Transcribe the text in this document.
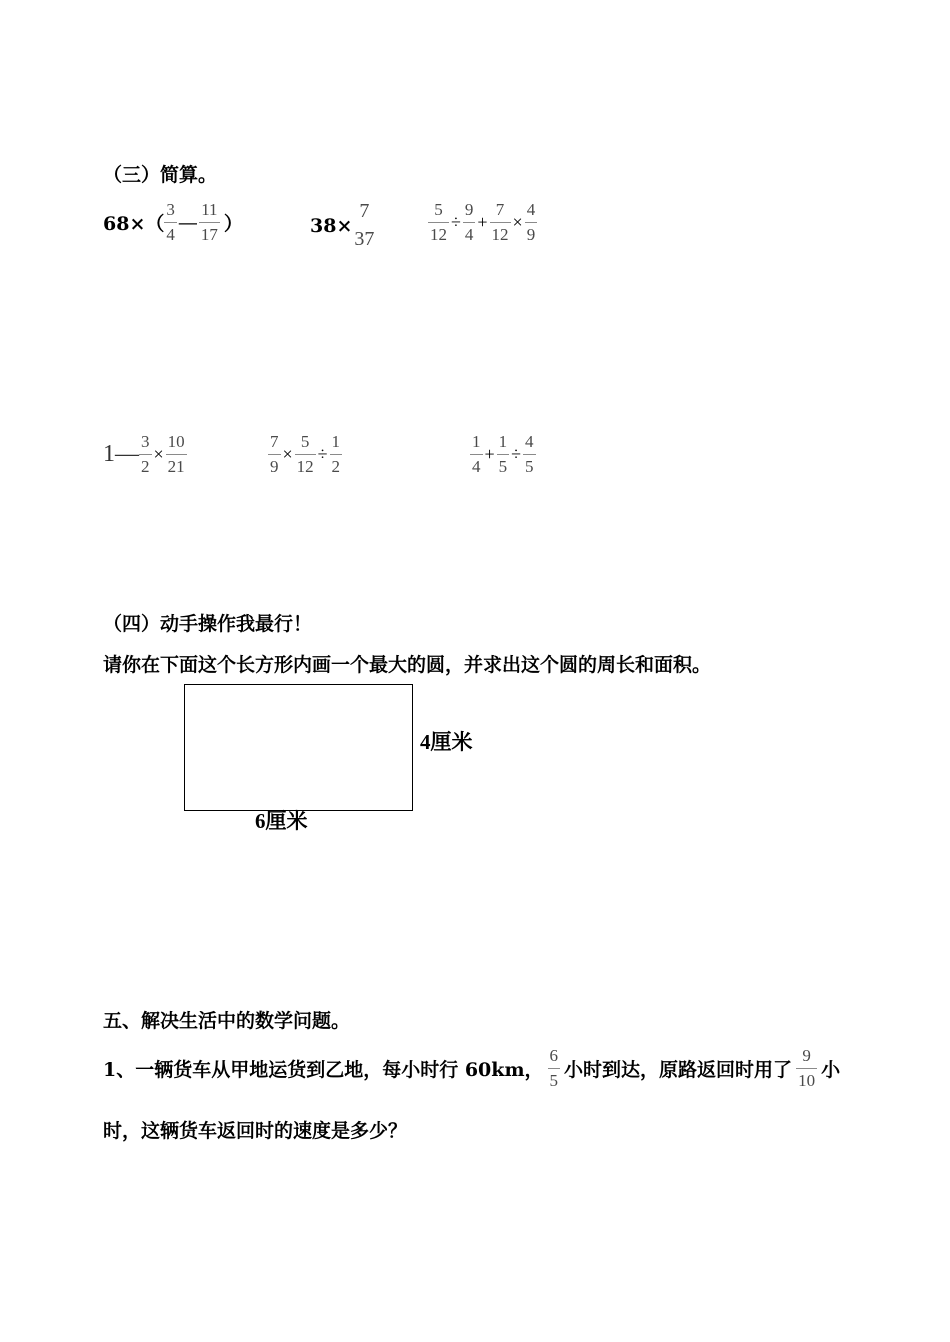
（三）简算。
$68\times( \frac{3}{4}$ — $\frac{11}{17}$ ）	38×
7
37	$\frac{5}{12} \div \frac{9}{4} + \frac{7}{12} \times \frac{4}{9}$
1— $\frac{3}{2} \times \frac{10}{21}$	$\frac{7}{9} \times \frac{5}{12} \div \frac{1}{2}$	$\frac{1}{4} + \frac{1}{5} \div \frac{4}{5}$
（四）动手操作我最行！
请你在下面这个长方形内画一个最大的圆，并求出这个圆的周长和面积。
4厘米
6厘米
五、解决生活中的数学问题。
1、一辆货车从甲地运货到乙地，每小时行 60km， $\frac{6}{5}$ 小时到达，原路返回时用了 $\frac{9}{10}$ 小
时，这辆货车返回时的速度是多少？
